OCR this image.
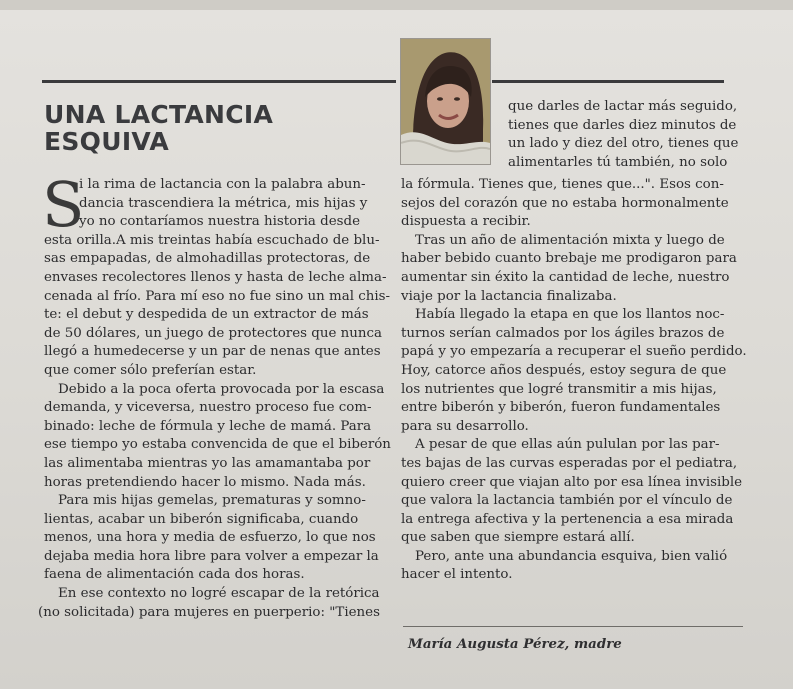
UNA LACTANCIA
ESQUIVA
S
i la rima de lactancia con la palabra abun-
dancia trascendiera la métrica, mis hijas y
yo no contaríamos nuestra historia desde
esta orilla.A mis treintas había escuchado de blu-
sas empapadas, de almohadillas protectoras, de
envases recolectores llenos y hasta de leche alma-
cenada al frío. Para mí eso no fue sino un mal chis-
te: el debut y despedida de un extractor de más
de 50 dólares, un juego de protectores que nunca
llegó a humedecerse y un par de nenas que antes
que comer sólo preferían estar.
Debido a la poca oferta provocada por la escasa
demanda, y viceversa, nuestro proceso fue com-
binado: leche de fórmula y leche de mamá. Para
ese tiempo yo estaba convencida de que el biberón
las alimentaba mientras yo las amamantaba por
horas pretendiendo hacer lo mismo. Nada más.
Para mis hijas gemelas, prematuras y somno-
lientas, acabar un biberón significaba, cuando
menos, una hora y media de esfuerzo, lo que nos
dejaba media hora libre para volver a empezar la
faena de alimentación cada dos horas.
En ese contexto no logré escapar de la retórica
(no solicitada) para mujeres en puerperio: "Tienes
que darles de lactar más seguido,
tienes que darles diez minutos de
un lado y diez del otro, tienes que
alimentarles tú también, no solo
la fórmula. Tienes que, tienes que...". Esos con-
sejos del corazón que no estaba hormonalmente
dispuesta a recibir.
Tras un año de alimentación mixta y luego de
haber bebido cuanto brebaje me prodigaron para
aumentar sin éxito la cantidad de leche, nuestro
viaje por la lactancia finalizaba.
Había llegado la etapa en que los llantos noc-
turnos serían calmados por los ágiles brazos de
papá y yo empezaría a recuperar el sueño perdido.
Hoy, catorce años después, estoy segura de que
los nutrientes que logré transmitir a mis hijas,
entre biberón y biberón, fueron fundamentales
para su desarrollo.
A pesar de que ellas aún pululan por las par-
tes bajas de las curvas esperadas por el pediatra,
quiero creer que viajan alto por esa línea invisible
que valora la lactancia también por el vínculo de
la entrega afectiva y la pertenencia a esa mirada
que saben que siempre estará allí.
Pero, ante una abundancia esquiva, bien valió
hacer el intento.
María Augusta Pérez, madre
